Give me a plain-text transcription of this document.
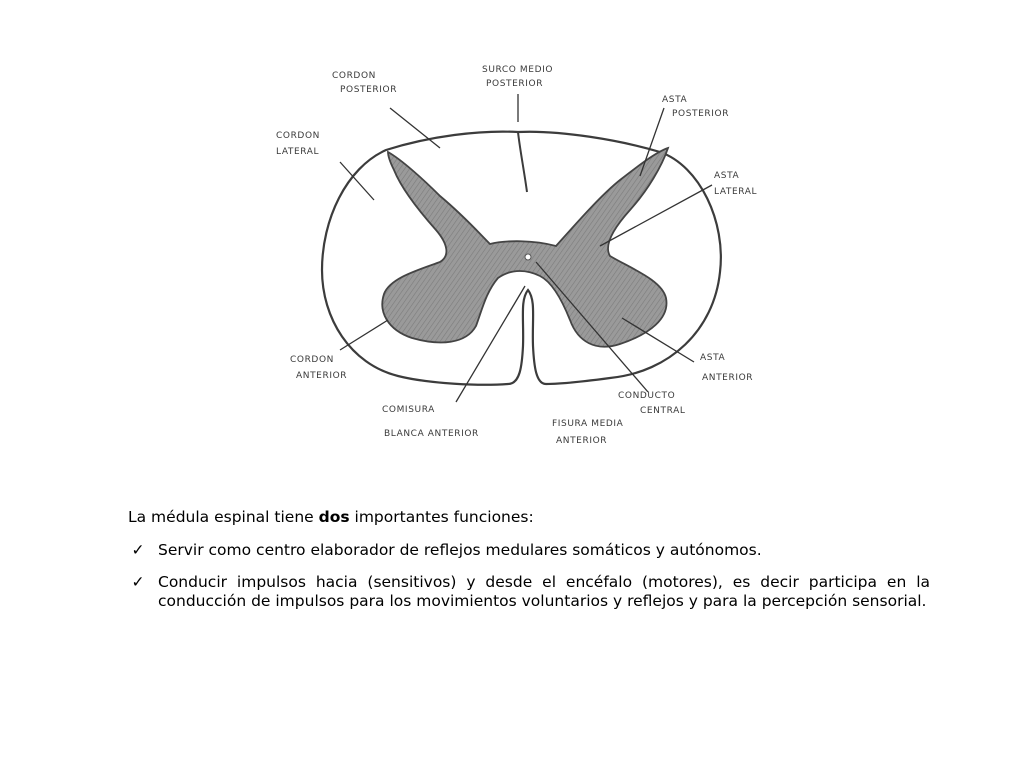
CORDON POSTERIOR
SURCO MEDIO POSTERIOR
ASTA POSTERIOR
CORDON LATERAL
ASTA LATERAL
CORDON ANTERIOR
ASTA ANTERIOR
CONDUCTO CENTRAL
COMISURA BLANCA ANTERIOR
FISURA MEDIA ANTERIOR

La médula espinal tiene dos importantes funciones:

✓ Servir como centro elaborador de reflejos medulares somáticos y autónomos.
✓ Conducir impulsos hacia (sensitivos) y desde el encéfalo (motores), es decir participa en la conducción de impulsos para los movimientos voluntarios y reflejos y para la percepción sensorial.
